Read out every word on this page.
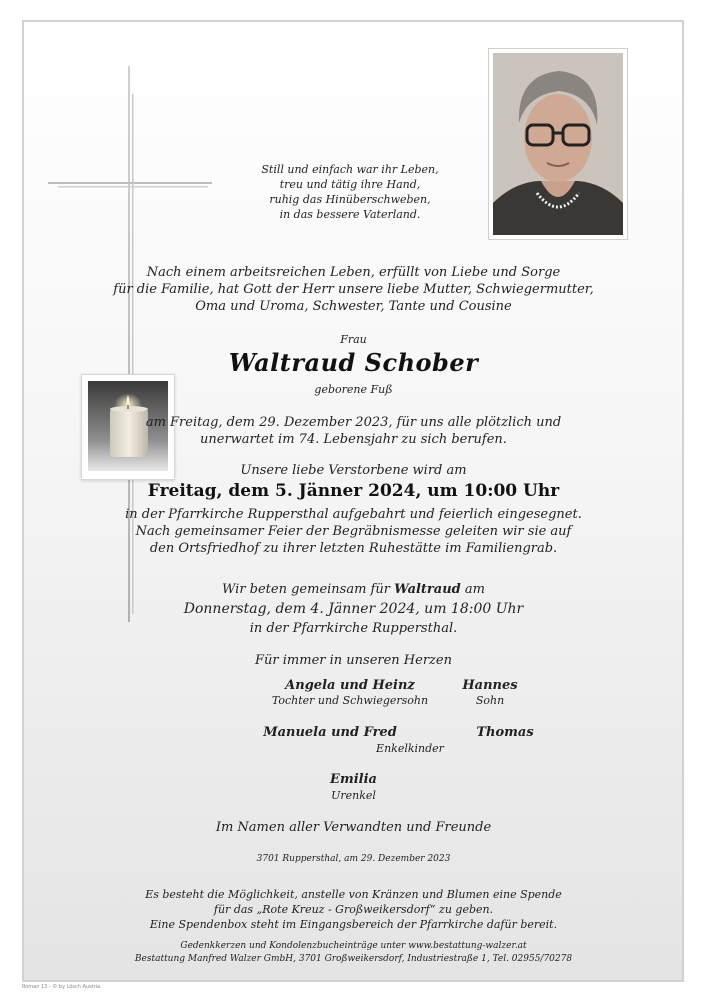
Still und einfach war ihr Leben,
treu und tätig ihre Hand,
ruhig das Hinüberschweben,
in das bessere Vaterland.
Nach einem arbeitsreichen Leben, erfüllt von Liebe und Sorge
für die Familie, hat Gott der Herr unsere liebe Mutter, Schwiegermutter,
Oma und Uroma, Schwester, Tante und Cousine
Frau
Waltraud Schober
geborene Fuß
am Freitag, dem 29. Dezember 2023, für uns alle plötzlich und
unerwartet im 74. Lebensjahr zu sich berufen.
Unsere liebe Verstorbene wird am
Freitag, dem 5. Jänner 2024, um 10:00 Uhr
in der Pfarrkirche Ruppersthal aufgebahrt und feierlich eingesegnet.
Nach gemeinsamer Feier der Begräbnismesse geleiten wir sie auf
den Ortsfriedhof zu ihrer letzten Ruhestätte im Familiengrab.
Wir beten gemeinsam für Waltraud am
Donnerstag, dem 4. Jänner 2024, um 18:00 Uhr
in der Pfarrkirche Ruppersthal.
Für immer in unseren Herzen
Angela und Heinz
Tochter und Schwiegersohn
Hannes
Sohn
Manuela und Fred	Thomas
Enkelkinder
Emilia
Urenkel
Im Namen aller Verwandten und Freunde
3701 Ruppersthal, am 29. Dezember 2023
Es besteht die Möglichkeit, anstelle von Kränzen und Blumen eine Spende
für das „Rote Kreuz - Großweikersdorf“ zu geben.
Eine Spendenbox steht im Eingangsbereich der Pfarrkirche dafür bereit.
Gedenkkerzen und Kondolenzbucheinträge unter www.bestattung-walzer.at
Bestattung Manfred Walzer GmbH, 3701 Großweikersdorf, Industriestraße 1, Tel. 02955/70278
Roman 13 - © by Lösch Austria
